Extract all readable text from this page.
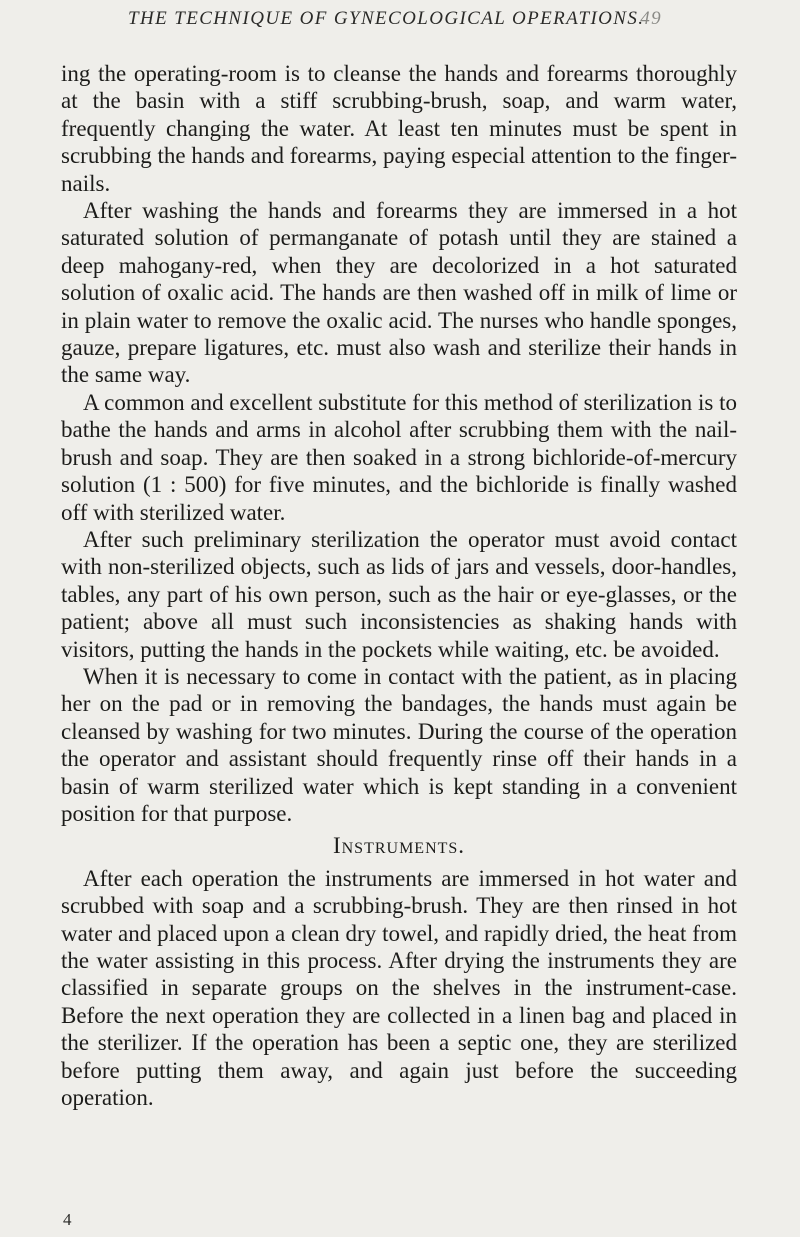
THE TECHNIQUE OF GYNECOLOGICAL OPERATIONS.
49

ing the operating-room is to cleanse the hands and forearms thoroughly at the basin with a stiff scrubbing-brush, soap, and warm water, frequently changing the water. At least ten minutes must be spent in scrubbing the hands and forearms, paying especial attention to the finger-nails.

After washing the hands and forearms they are immersed in a hot saturated solution of permanganate of potash until they are stained a deep mahogany-red, when they are decolorized in a hot saturated solution of oxalic acid. The hands are then washed off in milk of lime or in plain water to remove the oxalic acid. The nurses who handle sponges, gauze, prepare ligatures, etc. must also wash and sterilize their hands in the same way.

A common and excellent substitute for this method of sterilization is to bathe the hands and arms in alcohol after scrubbing them with the nail-brush and soap. They are then soaked in a strong bichloride-of-mercury solution (1 : 500) for five minutes, and the bichloride is finally washed off with sterilized water.

After such preliminary sterilization the operator must avoid contact with non-sterilized objects, such as lids of jars and vessels, door-handles, tables, any part of his own person, such as the hair or eye-glasses, or the patient; above all must such inconsistencies as shaking hands with visitors, putting the hands in the pockets while waiting, etc. be avoided.

When it is necessary to come in contact with the patient, as in placing her on the pad or in removing the bandages, the hands must again be cleansed by washing for two minutes. During the course of the operation the operator and assistant should frequently rinse off their hands in a basin of warm sterilized water which is kept standing in a convenient position for that purpose.

Instruments.

After each operation the instruments are immersed in hot water and scrubbed with soap and a scrubbing-brush. They are then rinsed in hot water and placed upon a clean dry towel, and rapidly dried, the heat from the water assisting in this process. After drying the instruments they are classified in separate groups on the shelves in the instrument-case. Before the next operation they are collected in a linen bag and placed in the sterilizer. If the operation has been a septic one, they are sterilized before putting them away, and again just before the succeeding operation.

4
